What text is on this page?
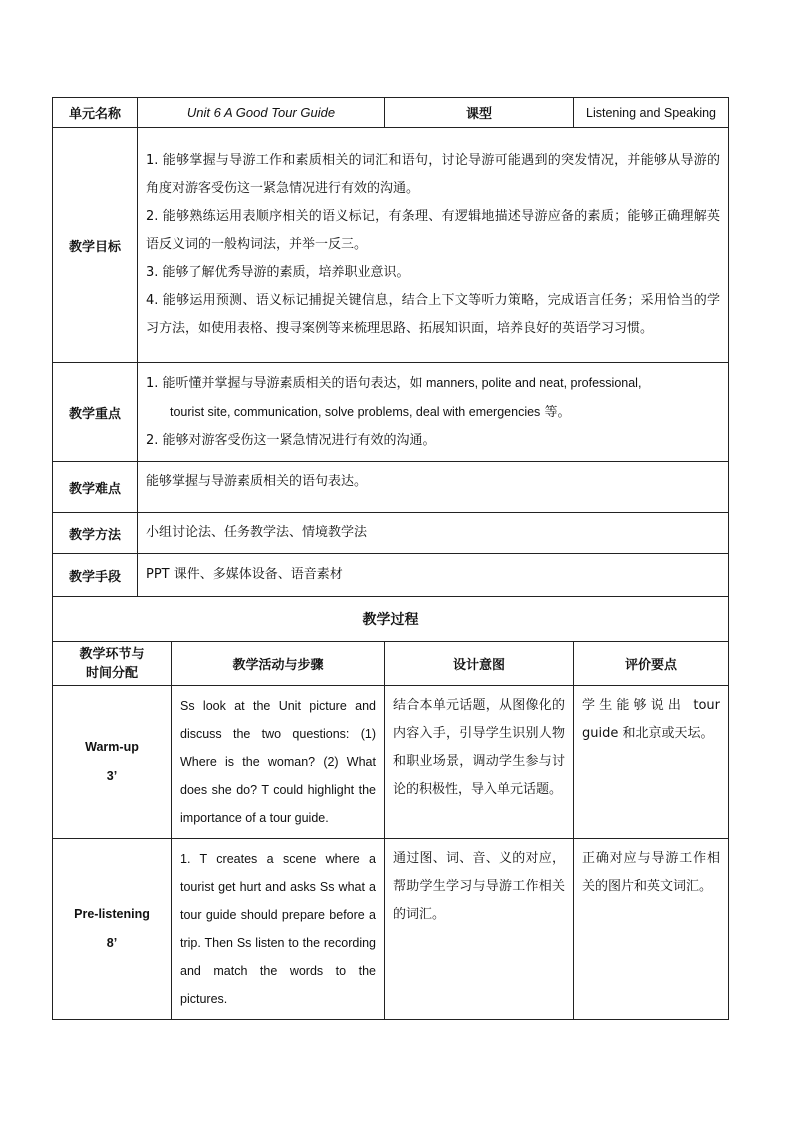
单元名称	Unit 6 A Good Tour Guide		课型	Listening and Speaking
教学目标	1. 能够掌握与导游工作和素质相关的词汇和语句，讨论导游可能遇到的突发情况，并能够从导游的角度对游客受伤这一紧急情况进行有效的沟通。
2. 能够熟练运用表顺序相关的语义标记，有条理、有逻辑地描述导游应备的素质；能够正确理解英语反义词的一般构词法，并举一反三。
3. 能够了解优秀导游的素质，培养职业意识。
4. 能够运用预测、语义标记捕捉关键信息，结合上下文等听力策略，完成语言任务；采用恰当的学习方法，如使用表格、搜寻案例等来梳理思路、拓展知识面，培养良好的英语学习习惯。			

教学重点	1. 能听懂并掌握与导游素质相关的语句表达，如 manners, polite and neat, professional,
tourist site, communication, solve problems, deal with emergencies 等。
2. 能够对游客受伤这一紧急情况进行有效的沟通。			

教学难点	能够掌握与导游素质相关的语句表达。			
教学方法	小组讨论法、任务教学法、情境教学法			
教学手段	PPT 课件、多媒体设备、语音素材			
教学过程				
教学环节与
时间分配		教学活动与步骤	设计意图	评价要点
Warm-up
3’		Ss look at the Unit picture and discuss the two questions: (1) Where is the woman? (2) What does she do? T could highlight the importance of a tour guide.	结合本单元话题，从图像化的内容入手，引导学生识别人物和职业场景，调动学生参与讨论的积极性，导入单元话题。	学生能够说出 tour guide 和北京或天坛。
Pre-listening
8’		1. T creates a scene where a tourist get hurt and asks Ss what a tour guide should prepare before a trip. Then Ss listen to the recording and match the words to the pictures.	通过图、词、音、义的对应，帮助学生学习与导游工作相关的词汇。	正确对应与导游工作相关的图片和英文词汇。
